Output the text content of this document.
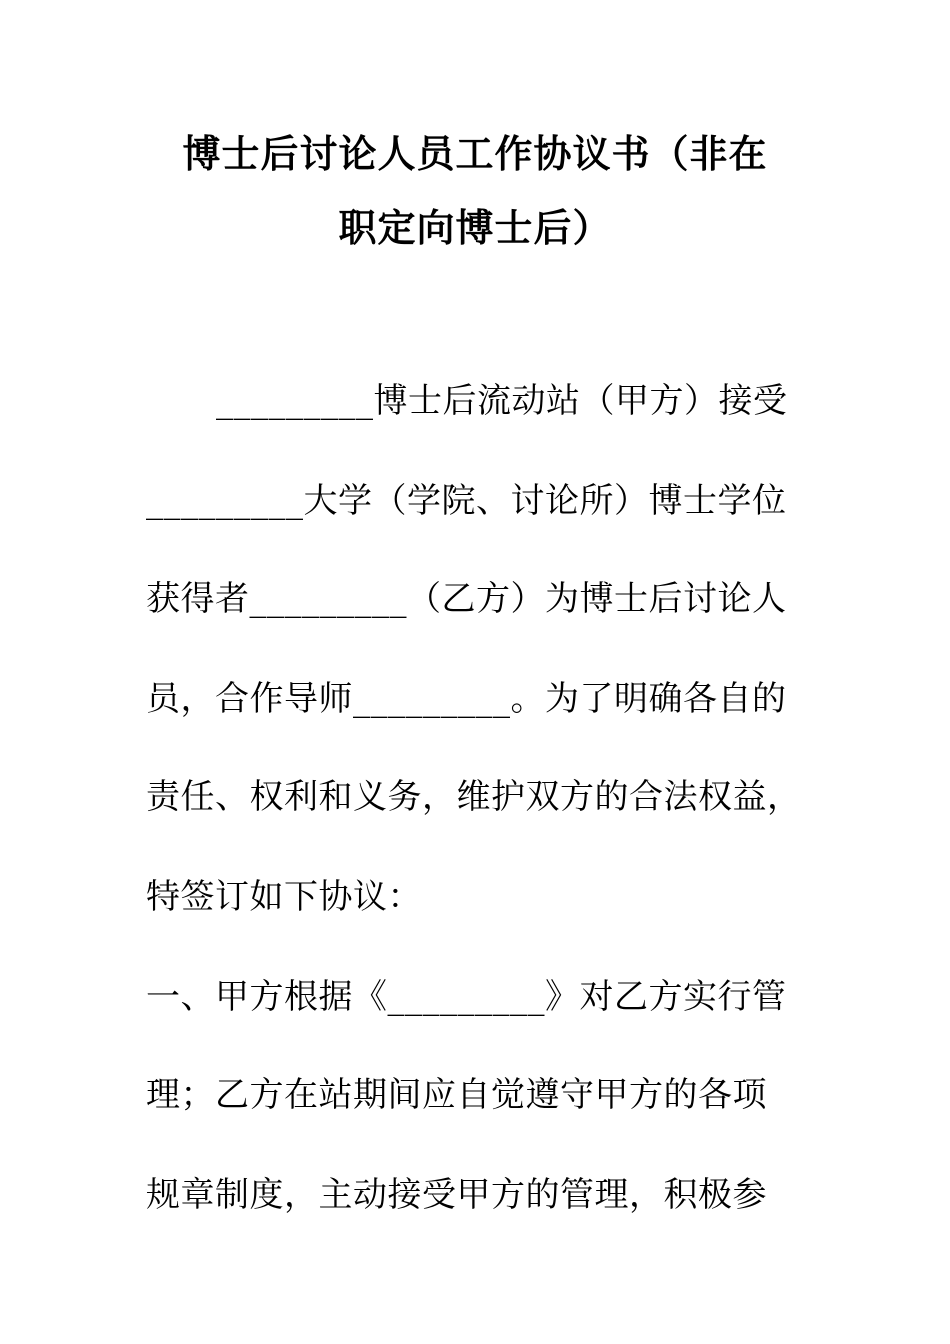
博士后讨论人员工作协议书（非在
职定向博士后）
_________博士后流动站（甲方）接受
_________大学（学院、讨论所）博士学位
获得者_________（乙方）为博士后讨论人
员，合作导师_________。为了明确各自的
责任、权利和义务，维护双方的合法权益，
特签订如下协议：
一、甲方根据《_________》对乙方实行管
理；乙方在站期间应自觉遵守甲方的各项
规章制度，主动接受甲方的管理，积极参
